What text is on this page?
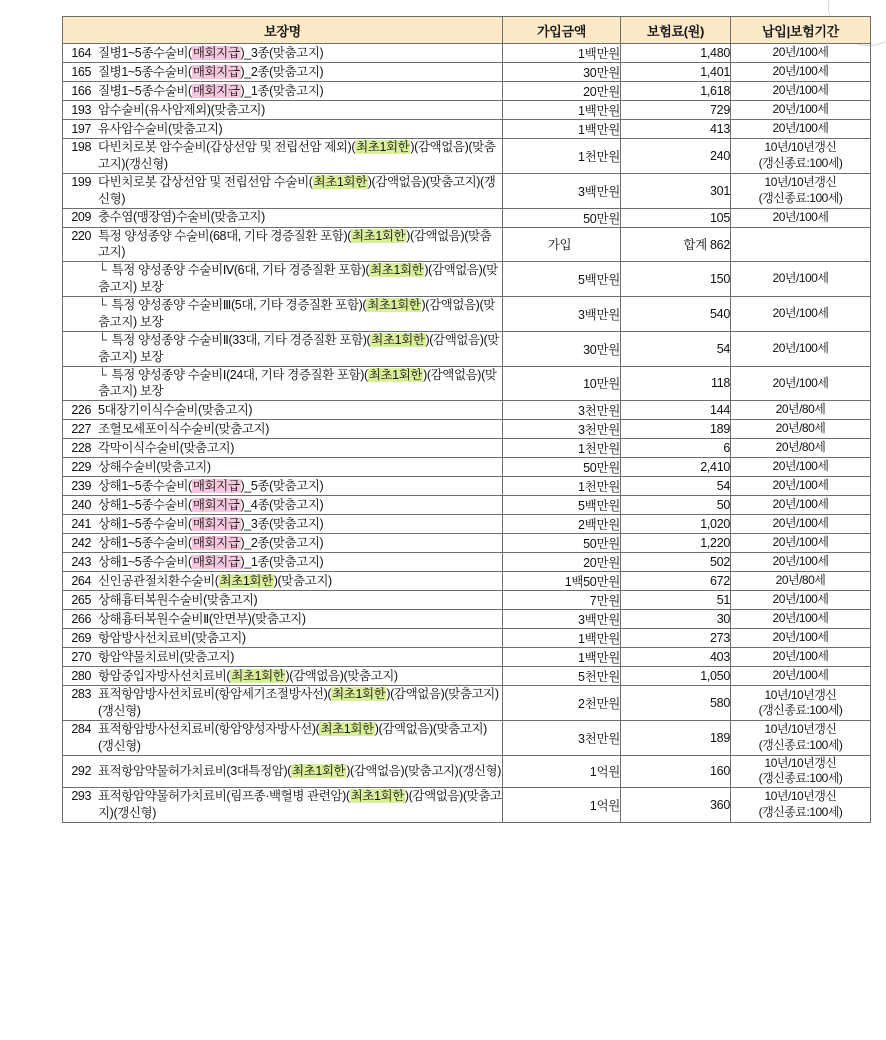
보장명	가입금액	보험료(원)	납입|보험기간

164 질병1~5종수술비(매회지급)_3종(맞춤고지)	1백만원	1,480	20년/100세

165 질병1~5종수술비(매회지급)_2종(맞춤고지)	30만원	1,401	20년/100세

166 질병1~5종수술비(매회지급)_1종(맞춤고지)	20만원	1,618	20년/100세

193 암수술비(유사암제외)(맞춤고지)	1백만원	729	20년/100세

197 유사암수술비(맞춤고지)	1백만원	413	20년/100세

198 다빈치로봇 암수술비(갑상선암 및 전립선암 제외)(최초1회한)(감액없음)(맞춤고지)(갱신형)	1천만원	240	10년/10년갱신
(갱신종료:100세)

199 다빈치로봇 갑상선암 및 전립선암 수술비(최초1회한)(감액없음)(맞춤고지)(갱신형)	3백만원	301	10년/10년갱신
(갱신종료:100세)

209 충수염(맹장염)수술비(맞춤고지)	50만원	105	20년/100세

220 특정 양성종양 수술비(68대, 기타 경증질환 포함)(최초1회한)(감액없음)(맞춤고지)	가입	합계 862	

└ 특정 양성종양 수술비Ⅳ(6대, 기타 경증질환 포함)(최초1회한)(감액없음)(맞춤고지) 보장	5백만원	150	20년/100세

└ 특정 양성종양 수술비Ⅲ(5대, 기타 경증질환 포함)(최초1회한)(감액없음)(맞춤고지) 보장	3백만원	540	20년/100세

└ 특정 양성종양 수술비Ⅱ(33대, 기타 경증질환 포함)(최초1회한)(감액없음)(맞춤고지) 보장	30만원	54	20년/100세

└ 특정 양성종양 수술비Ⅰ(24대, 기타 경증질환 포함)(최초1회한)(감액없음)(맞춤고지) 보장	10만원	118	20년/100세

226 5대장기이식수술비(맞춤고지)	3천만원	144	20년/80세

227 조혈모세포이식수술비(맞춤고지)	3천만원	189	20년/80세

228 각막이식수술비(맞춤고지)	1천만원	6	20년/80세

229 상해수술비(맞춤고지)	50만원	2,410	20년/100세

239 상해1~5종수술비(매회지급)_5종(맞춤고지)	1천만원	54	20년/100세

240 상해1~5종수술비(매회지급)_4종(맞춤고지)	5백만원	50	20년/100세

241 상해1~5종수술비(매회지급)_3종(맞춤고지)	2백만원	1,020	20년/100세

242 상해1~5종수술비(매회지급)_2종(맞춤고지)	50만원	1,220	20년/100세

243 상해1~5종수술비(매회지급)_1종(맞춤고지)	20만원	502	20년/100세

264 신인공관절치환수술비(최초1회한)(맞춤고지)	1백50만원	672	20년/80세

265 상해흉터복원수술비(맞춤고지)	7만원	51	20년/100세

266 상해흉터복원수술비Ⅱ(안면부)(맞춤고지)	3백만원	30	20년/100세

269 항암방사선치료비(맞춤고지)	1백만원	273	20년/100세

270 항암약물치료비(맞춤고지)	1백만원	403	20년/100세

280 항암중입자방사선치료비(최초1회한)(감액없음)(맞춤고지)	5천만원	1,050	20년/100세

283 표적항암방사선치료비(항암세기조절방사선)(최초1회한)(감액없음)(맞춤고지)(갱신형)	2천만원	580	10년/10년갱신
(갱신종료:100세)

284 표적항암방사선치료비(항암양성자방사선)(최초1회한)(감액없음)(맞춤고지)(갱신형)	3천만원	189	10년/10년갱신
(갱신종료:100세)

292 표적항암약물허가치료비(3대특정암)(최초1회한)(감액없음)(맞춤고지)(갱신형)	1억원	160	10년/10년갱신
(갱신종료:100세)

293 표적항암약물허가치료비(림프종·백혈병 관련암)(최초1회한)(감액없음)(맞춤고지)(갱신형)	1억원	360	10년/10년갱신
(갱신종료:100세)
